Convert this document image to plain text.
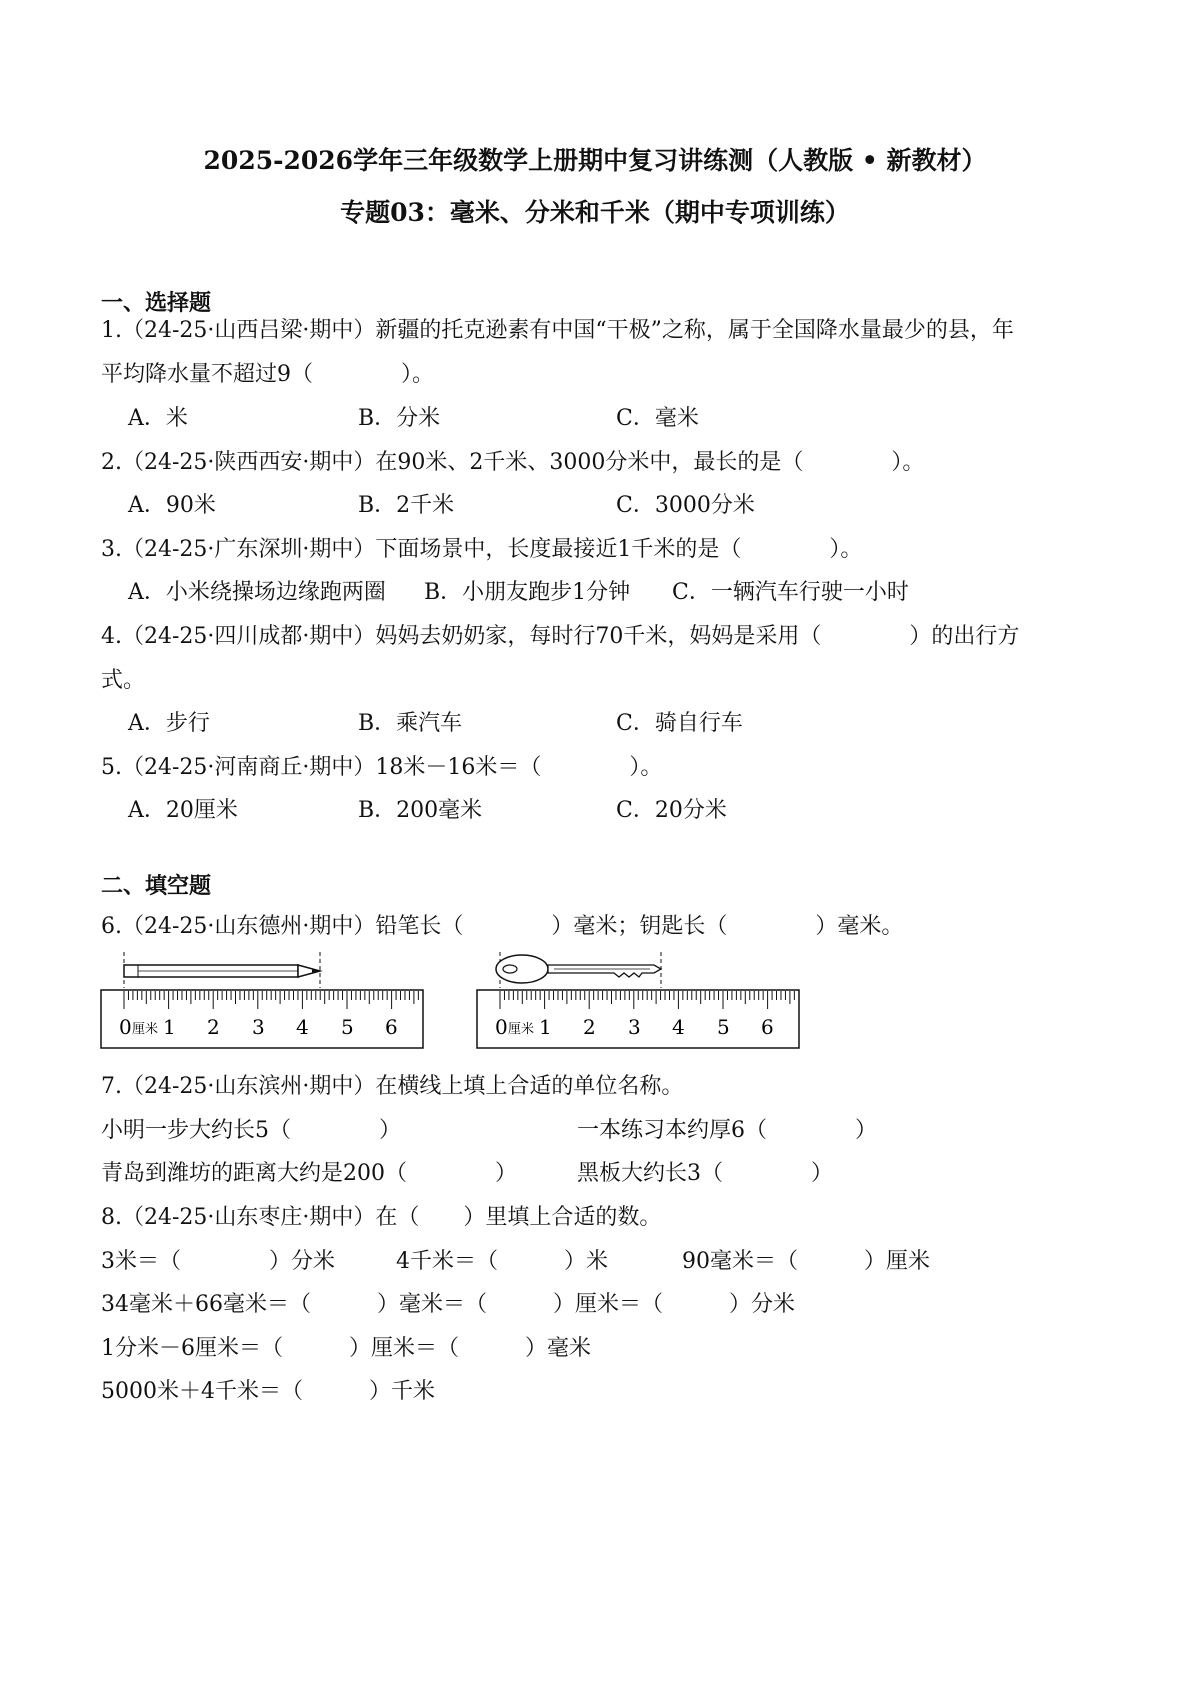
2025-2026学年三年级数学上册期中复习讲练测（人教版 • 新教材）
专题03：毫米、分米和千米（期中专项训练）
一、选择题
1.（24-25·山西吕梁·期中）新疆的托克逊素有中国“干极”之称，属于全国降水量最少的县，年
平均降水量不超过9（　　　　）。
A．米	B．分米	C．毫米
2.（24-25·陕西西安·期中）在90米、2千米、3000分米中，最长的是（　　　　）。
A．90米	B．2千米	C．3000分米
3.（24-25·广东深圳·期中）下面场景中，长度最接近1千米的是（　　　　）。
A．小米绕操场边缘跑两圈 B．小朋友跑步1分钟 C．一辆汽车行驶一小时
4.（24-25·四川成都·期中）妈妈去奶奶家，每时行70千米，妈妈是采用（　　　　）的出行方
式。
A．步行	B．乘汽车	C．骑自行车
5.（24-25·河南商丘·期中）18米－16米＝（　　　　）。
A．20厘米	B．200毫米	C．20分米
二、填空题
6.（24-25·山东德州·期中）铅笔长（　　　　）毫米；钥匙长（　　　　）毫米。
0 厘米 1 2 3 4 5 6	0 厘米 1 2 3 4 5 6
7.（24-25·山东滨州·期中）在横线上填上合适的单位名称。
小明一步大约长5（　　　　）	一本练习本约厚6（　　　　）
青岛到潍坊的距离大约是200（　　　　）	黑板大约长3（　　　　）
8.（24-25·山东枣庄·期中）在（　　）里填上合适的数。
3米＝（　　　　）分米	4千米＝（　　　）米	90毫米＝（　　　）厘米
34毫米＋66毫米＝（　　　）毫米＝（　　　）厘米＝（　　　）分米
1分米－6厘米＝（　　　）厘米＝（　　　）毫米
5000米＋4千米＝（　　　）千米
